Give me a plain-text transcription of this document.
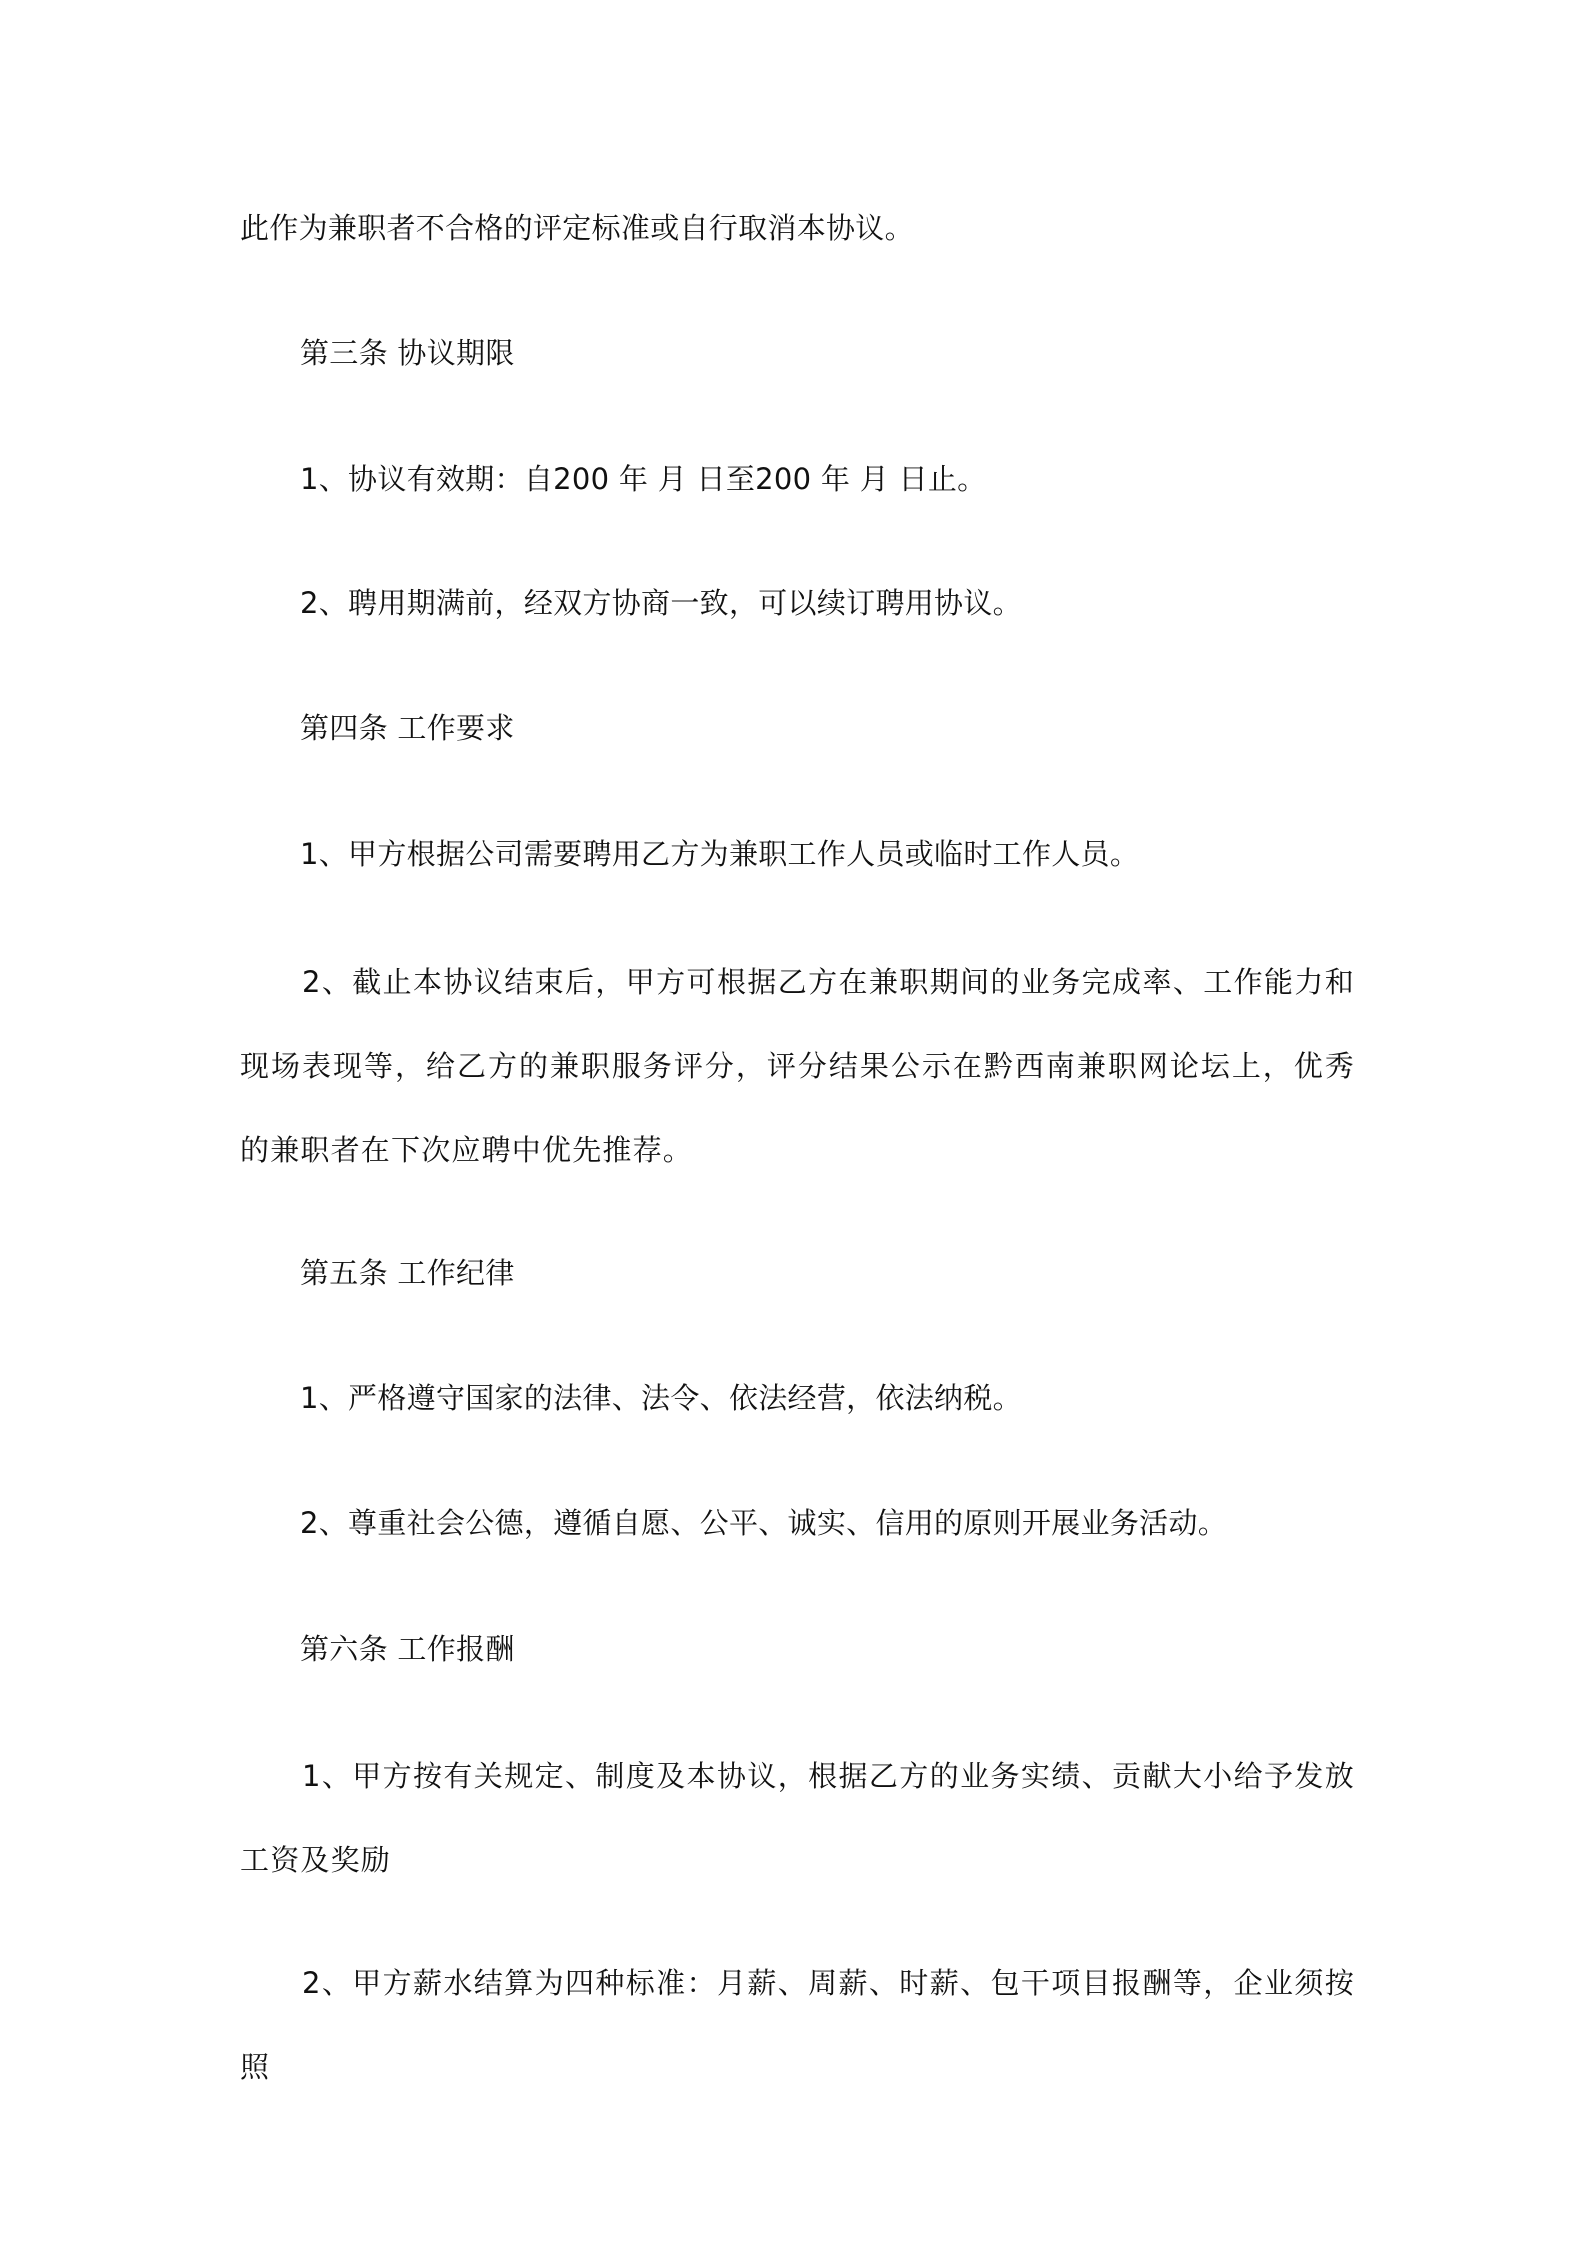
此作为兼职者不合格的评定标准或自行取消本协议。
第三条 协议期限
1、协议有效期：自200 年 月 日至200 年 月 日止。
2、聘用期满前，经双方协商一致，可以续订聘用协议。
第四条 工作要求
1、甲方根据公司需要聘用乙方为兼职工作人员或临时工作人员。
2、截止本协议结束后，甲方可根据乙方在兼职期间的业务完成率、工作能力和现场表现等，给乙方的兼职服务评分，评分结果公示在黔西南兼职网论坛上，优秀的兼职者在下次应聘中优先推荐。
第五条 工作纪律
1、严格遵守国家的法律、法令、依法经营，依法纳税。
2、尊重社会公德，遵循自愿、公平、诚实、信用的原则开展业务活动。
第六条 工作报酬
1、甲方按有关规定、制度及本协议，根据乙方的业务实绩、贡献大小给予发放工资及奖励
2、甲方薪水结算为四种标准：月薪、周薪、时薪、包干项目报酬等，企业须按照
